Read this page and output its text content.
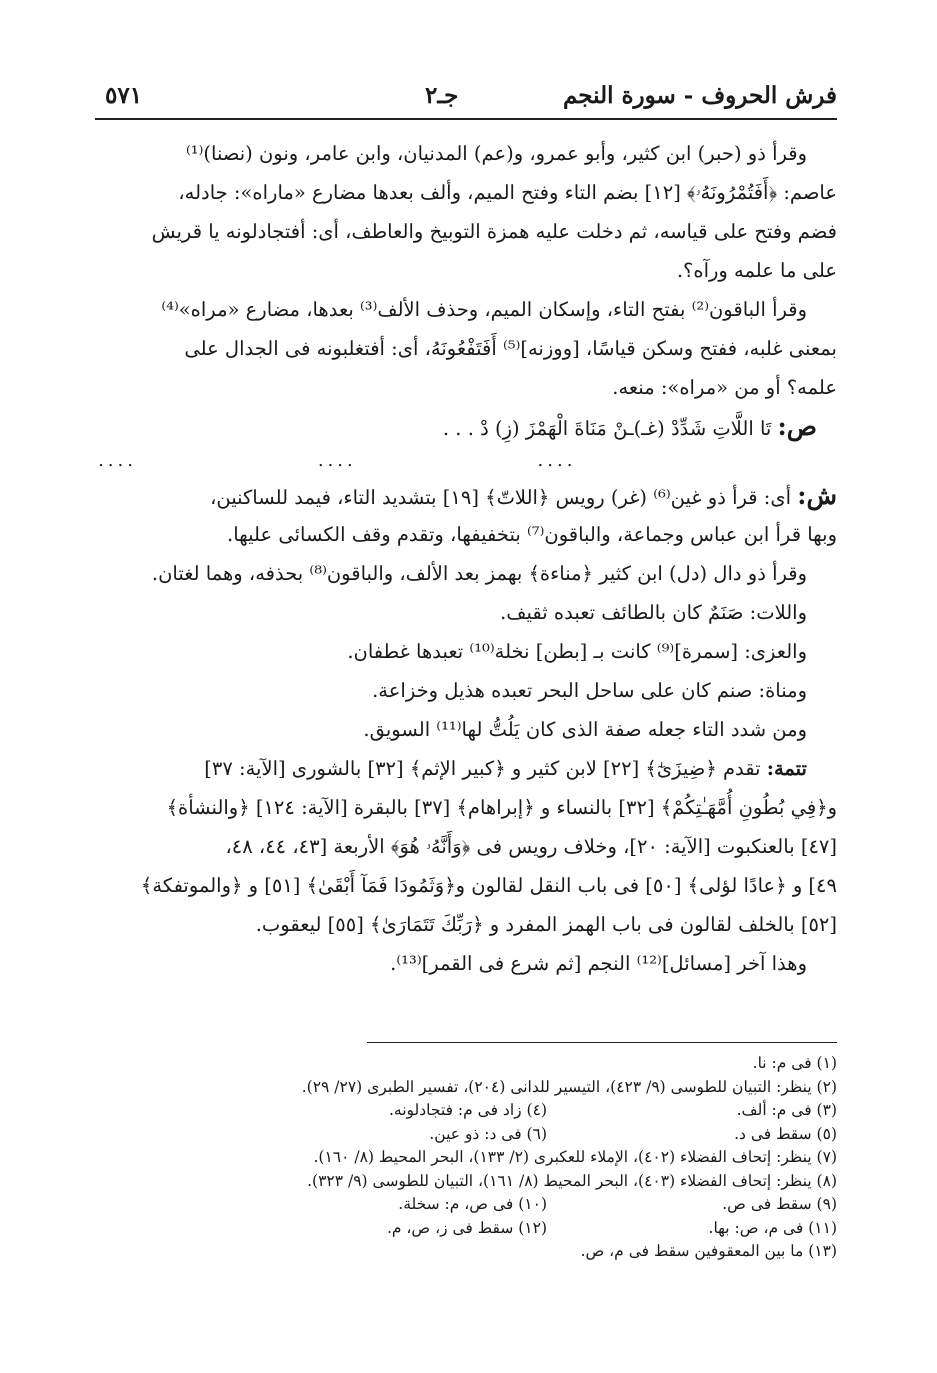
فرش الحروف - سورة النجم
جـ٢
٥٧١
وقرأ ذو (حبر) ابن كثير، وأبو عمرو، و(عم) المدنيان، وابن عامر، ونون (نصنا)⁽¹⁾
عاصم: ﴿أَفَتُمْرُونَهُۥ﴾ [١٢] بضم التاء وفتح الميم، وألف بعدها مضارع «ماراه»: جادله،
فضم وفتح على قياسه، ثم دخلت عليه همزة التوبيخ والعاطف، أى: أفتجادلونه يا قريش
على ما علمه ورآه؟.
وقرأ الباقون⁽²⁾ بفتح التاء، وإسكان الميم، وحذف الألف⁽³⁾ بعدها، مضارع «مراه»⁽⁴⁾
بمعنى غلبه، ففتح وسكن قياسًا، [ووزنه]⁽⁵⁾ أَفَتَفْعُونَهُ، أى: أفتغلبونه فى الجدال على
علمه؟ أو من «مراه»: منعه.
ص: تَا اللَّاتِ شَدِّدْ (غـ)ـنْ مَنَاةَ الْهَمْزَ (زِ) دْ . . .
.... .... ....
ش: أى: قرأ ذو غين⁽⁶⁾ (غر) رويس ﴿اللاتّ﴾ [١٩] بتشديد التاء، فيمد للساكنين،
وبها قرأ ابن عباس وجماعة، والباقون⁽⁷⁾ بتخفيفها، وتقدم وقف الكسائى عليها.
وقرأ ذو دال (دل) ابن كثير ﴿مناءة﴾ بهمز بعد الألف، والباقون⁽⁸⁾ بحذفه، وهما لغتان.
واللات: صَنَمٌ كان بالطائف تعبده ثقيف.
والعزى: [سمرة]⁽⁹⁾ كانت بـ [بطن] نخلة⁽¹⁰⁾ تعبدها غطفان.
ومناة: صنم كان على ساحل البحر تعبده هذيل وخزاعة.
ومن شدد التاء جعله صفة الذى كان يَلُتُّ لها⁽¹¹⁾ السويق.
تتمة: تقدم ﴿ضِيزَىٰٓ﴾ [٢٢] لابن كثير و ﴿كبير الإثم﴾ [٣٢] بالشورى [الآية: ٣٧]
و﴿فِي بُطُونِ أُمَّهَـٰتِكُمْ﴾ [٣٢] بالنساء و ﴿إبراهام﴾ [٣٧] بالبقرة [الآية: ١٢٤] ﴿والنشأة﴾
[٤٧] بالعنكبوت [الآية: ٢٠]، وخلاف رويس فى ﴿وَأَنَّهُۥ هُوَ﴾ الأربعة [٤٣، ٤٤، ٤٨،
٤٩] و ﴿عادًا لؤلى﴾ [٥٠] فى باب النقل لقالون و﴿وَثَمُودَا فَمَآ أَبْقَىٰ﴾ [٥١] و ﴿والموتفكة﴾
[٥٢] بالخلف لقالون فى باب الهمز المفرد و ﴿رَبِّكَ تَتَمَارَىٰ﴾ [٥٥] ليعقوب.
وهذا آخر [مسائل]⁽¹²⁾ النجم [ثم شرع فى القمر]⁽¹³⁾.
(١) فى م: نا.
(٢) ينظر: التبيان للطوسى (٩/ ٤٢٣)، التيسير للدانى (٢٠٤)، تفسير الطبرى (٢٧/ ٢٩).
(٣) فى م: ألف.
(٤) زاد فى م: فتجادلونه.
(٥) سقط فى د.
(٦) فى د: ذو عين.
(٧) ينظر: إتحاف الفضلاء (٤٠٢)، الإملاء للعكبرى (٢/ ١٣٣)، البحر المحيط (٨/ ١٦٠).
(٨) ينظر: إتحاف الفضلاء (٤٠٣)، البحر المحيط (٨/ ١٦١)، التبيان للطوسى (٩/ ٣٢٣).
(٩) سقط فى ص.
(١٠) فى ص، م: سخلة.
(١١) فى م، ص: بها.
(١٢) سقط فى ز، ص، م.
(١٣) ما بين المعقوفين سقط فى م، ص.
